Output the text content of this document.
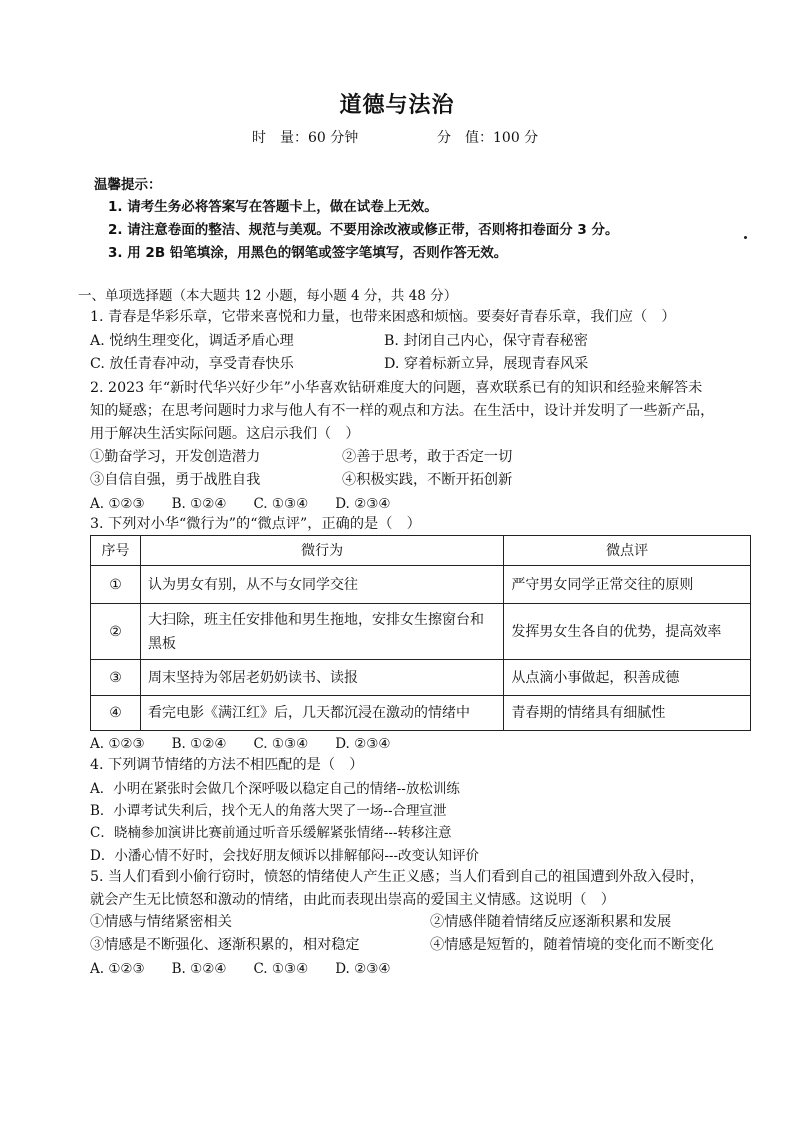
道德与法治
时　量：60 分钟	分　值：100 分
温馨提示：
1. 请考生务必将答案写在答题卡上，做在试卷上无效。
2. 请注意卷面的整洁、规范与美观。不要用涂改液或修正带，否则将扣卷面分 3 分。
3. 用 2B 铅笔填涂，用黑色的钢笔或签字笔填写，否则作答无效。
一、单项选择题（本大题共 12 小题，每小题 4 分，共 48 分）
1. 青春是华彩乐章，它带来喜悦和力量，也带来困惑和烦恼。要奏好青春乐章，我们应（　）
A. 悦纳生理变化，调适矛盾心理	B. 封闭自己内心，保守青春秘密
C. 放任青春冲动，享受青春快乐	D. 穿着标新立异，展现青春风采
2. 2023 年“新时代华兴好少年”小华喜欢钻研难度大的问题，喜欢联系已有的知识和经验来解答未
知的疑惑；在思考问题时力求与他人有不一样的观点和方法。在生活中，设计并发明了一些新产品，
用于解决生活实际问题。这启示我们（　）
①勤奋学习，开发创造潜力	②善于思考，敢于否定一切
③自信自强，勇于战胜自我	④积极实践，不断开拓创新
A. ①②③　　B. ①②④　　C. ①③④　　D. ②③④
3. 下列对小华“微行为”的“微点评”，正确的是（　）
序号	微行为	微点评
①	认为男女有别，从不与女同学交往	严守男女同学正常交往的原则
②	大扫除，班主任安排他和男生拖地，安排女生擦窗台和黑板	发挥男女生各自的优势，提高效率
③	周末坚持为邻居老奶奶读书、读报	从点滴小事做起，积善成德
④	看完电影《满江红》后，几天都沉浸在激动的情绪中	青春期的情绪具有细腻性
A. ①②③　　B. ①②④　　C. ①③④　　D. ②③④
4. 下列调节情绪的方法不相匹配的是（　）
A．小明在紧张时会做几个深呼吸以稳定自己的情绪--放松训练
B．小谭考试失利后，找个无人的角落大哭了一场--合理宣泄
C．晓楠参加演讲比赛前通过听音乐缓解紧张情绪---转移注意
D．小潘心情不好时，会找好朋友倾诉以排解郁闷---改变认知评价
5. 当人们看到小偷行窃时，愤怒的情绪使人产生正义感；当人们看到自己的祖国遭到外敌入侵时，
就会产生无比愤怒和激动的情绪，由此而表现出崇高的爱国主义情感。这说明（　）
①情感与情绪紧密相关	②情感伴随着情绪反应逐渐积累和发展
③情感是不断强化、逐渐积累的，相对稳定	④情感是短暂的，随着情境的变化而不断变化
A. ①②③　　B. ①②④　　C. ①③④　　D. ②③④
